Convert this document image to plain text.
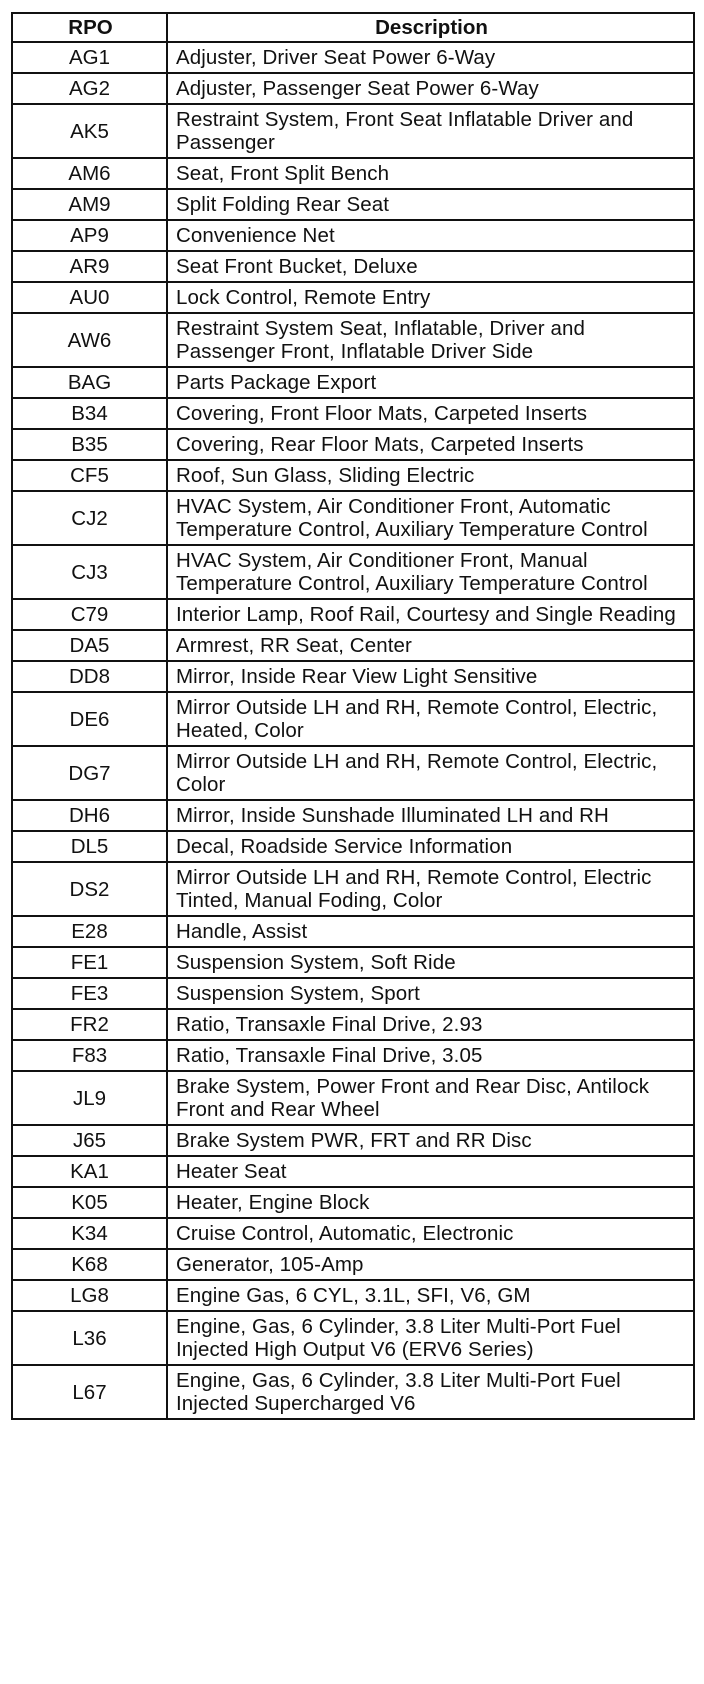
RPO	Description
AG1	Adjuster, Driver Seat Power 6-Way
AG2	Adjuster, Passenger Seat Power 6-Way
AK5	Restraint System, Front Seat Inflatable Driver and Passenger
AM6	Seat, Front Split Bench
AM9	Split Folding Rear Seat
AP9	Convenience Net
AR9	Seat Front Bucket, Deluxe
AU0	Lock Control, Remote Entry
AW6	Restraint System Seat, Inflatable, Driver and Passenger Front, Inflatable Driver Side
BAG	Parts Package Export
B34	Covering, Front Floor Mats, Carpeted Inserts
B35	Covering, Rear Floor Mats, Carpeted Inserts
CF5	Roof, Sun Glass, Sliding Electric
CJ2	HVAC System, Air Conditioner Front, Automatic Temperature Control, Auxiliary Temperature Control
CJ3	HVAC System, Air Conditioner Front, Manual Temperature Control, Auxiliary Temperature Control
C79	Interior Lamp, Roof Rail, Courtesy and Single Reading
DA5	Armrest, RR Seat, Center
DD8	Mirror, Inside Rear View Light Sensitive
DE6	Mirror Outside LH and RH, Remote Control, Electric, Heated, Color
DG7	Mirror Outside LH and RH, Remote Control, Electric, Color
DH6	Mirror, Inside Sunshade Illuminated LH and RH
DL5	Decal, Roadside Service Information
DS2	Mirror Outside LH and RH, Remote Control, Electric Tinted, Manual Foding, Color
E28	Handle, Assist
FE1	Suspension System, Soft Ride
FE3	Suspension System, Sport
FR2	Ratio, Transaxle Final Drive, 2.93
F83	Ratio, Transaxle Final Drive, 3.05
JL9	Brake System, Power Front and Rear Disc, Antilock Front and Rear Wheel
J65	Brake System PWR, FRT and RR Disc
KA1	Heater Seat
K05	Heater, Engine Block
K34	Cruise Control, Automatic, Electronic
K68	Generator, 105-Amp
LG8	Engine Gas, 6 CYL, 3.1L, SFI, V6, GM
L36	Engine, Gas, 6 Cylinder, 3.8 Liter Multi-Port Fuel Injected High Output V6 (ERV6 Series)
L67	Engine, Gas, 6 Cylinder, 3.8 Liter Multi-Port Fuel Injected Supercharged V6
